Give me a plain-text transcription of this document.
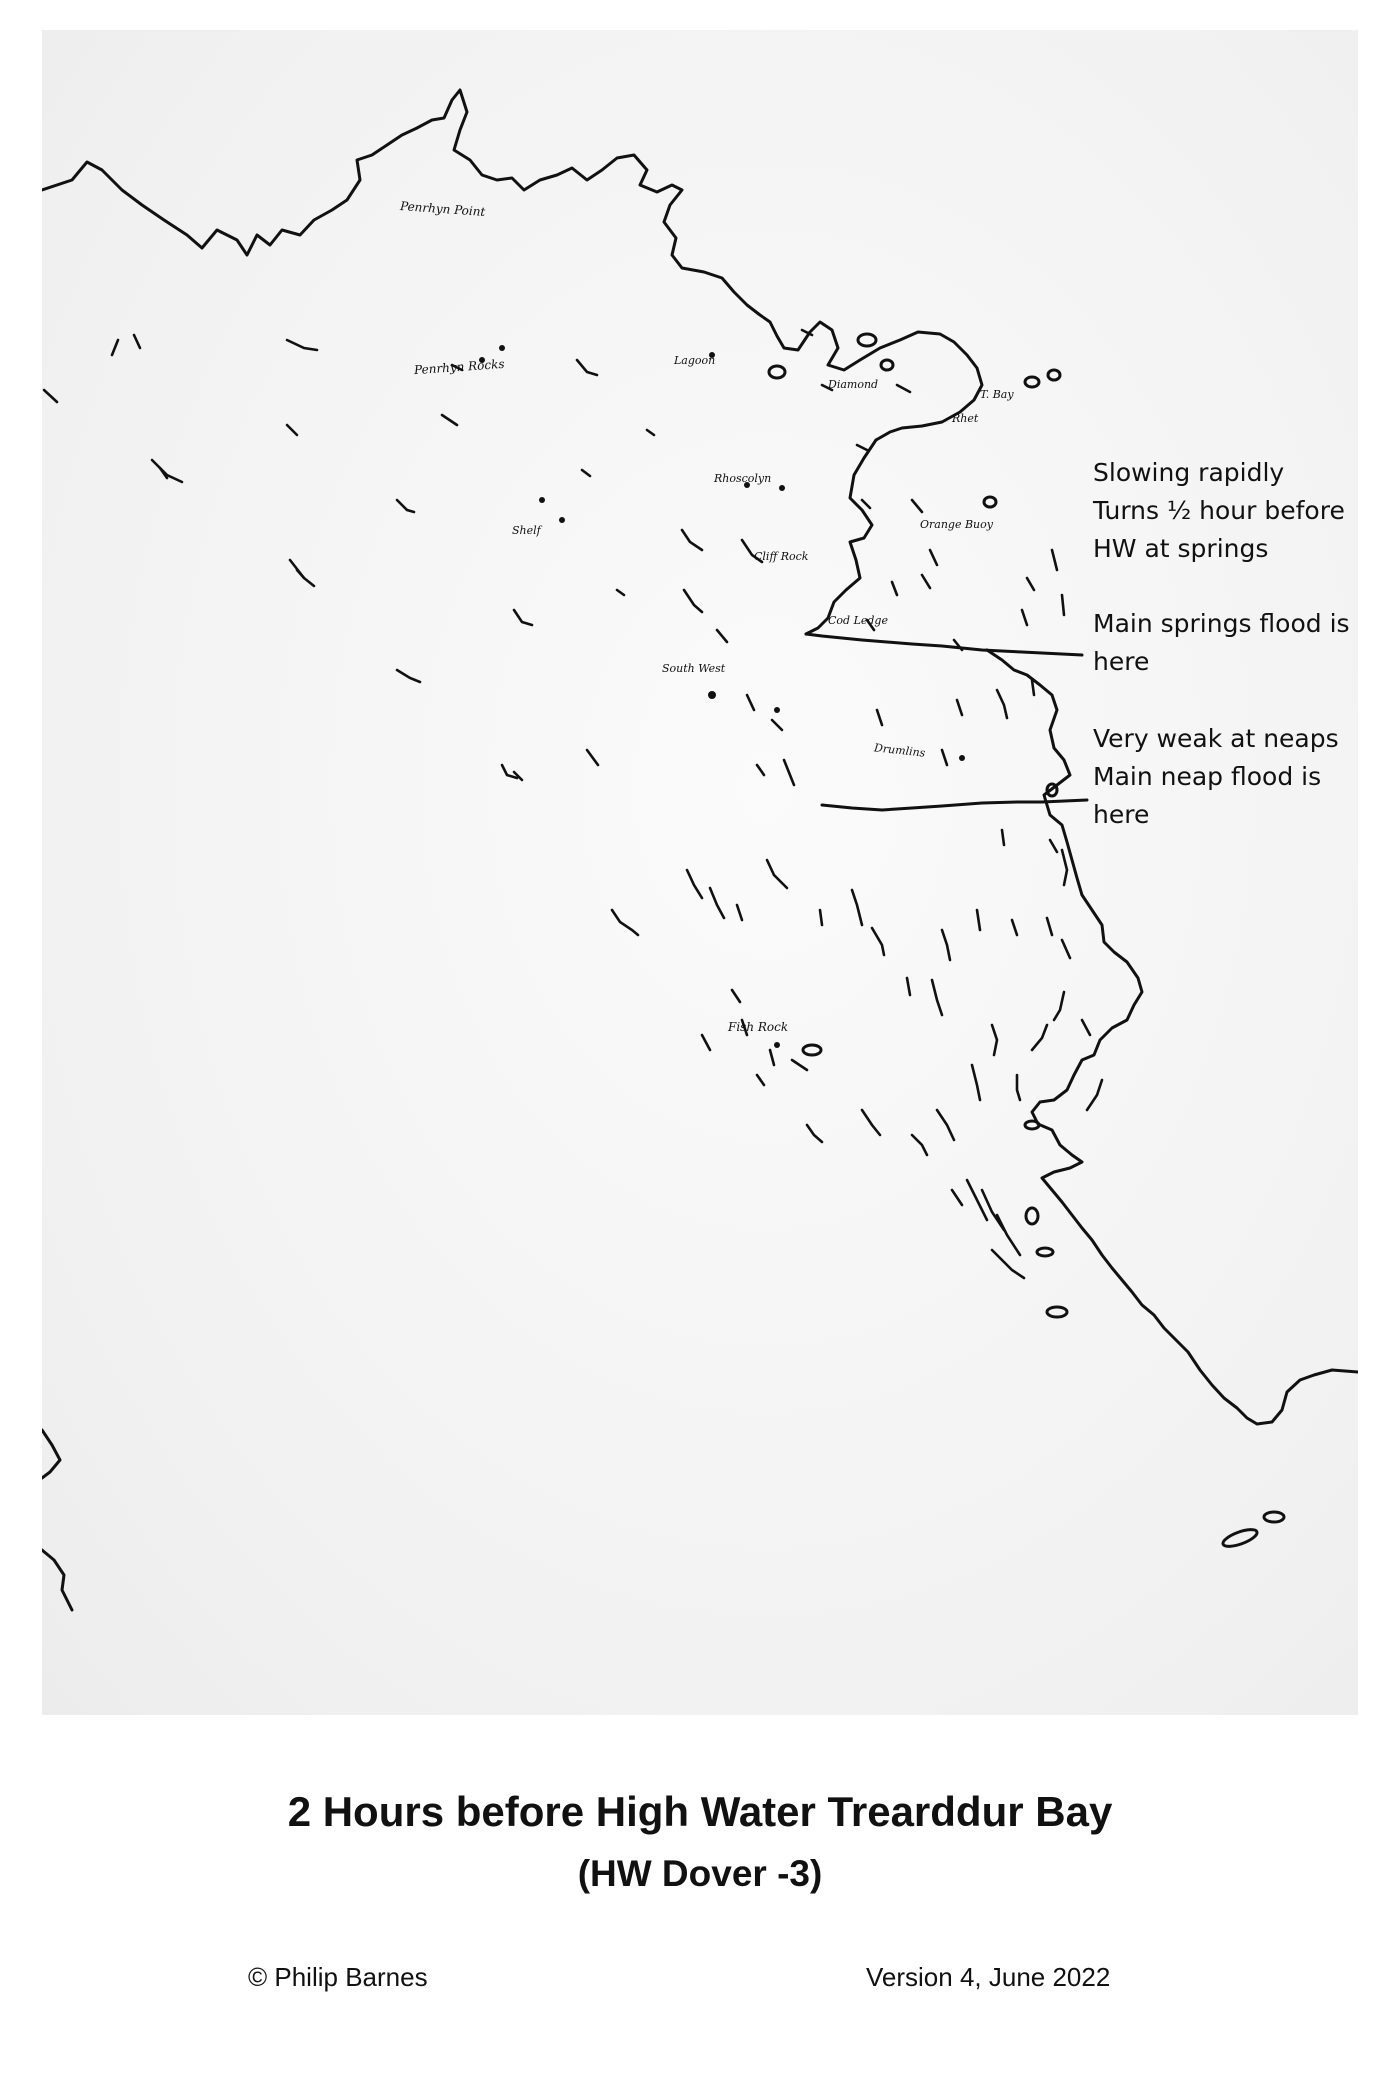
Penrhyn Point
Penrhyn Rocks	Lagoon
Diamond
Rhoscolyn
Shelf	Orange Buoy
Cliff Rock
Cod Ledge
South West
Drumlins
Fish Rock
T. Bay
Rhet
Slowing rapidly
Turns ½ hour before
HW at springs
Main springs flood is
here
Very weak at neaps
Main neap flood is
here
2 Hours before High Water Trearddur Bay
(HW Dover -3)
© Philip Barnes	Version 4, June 2022
